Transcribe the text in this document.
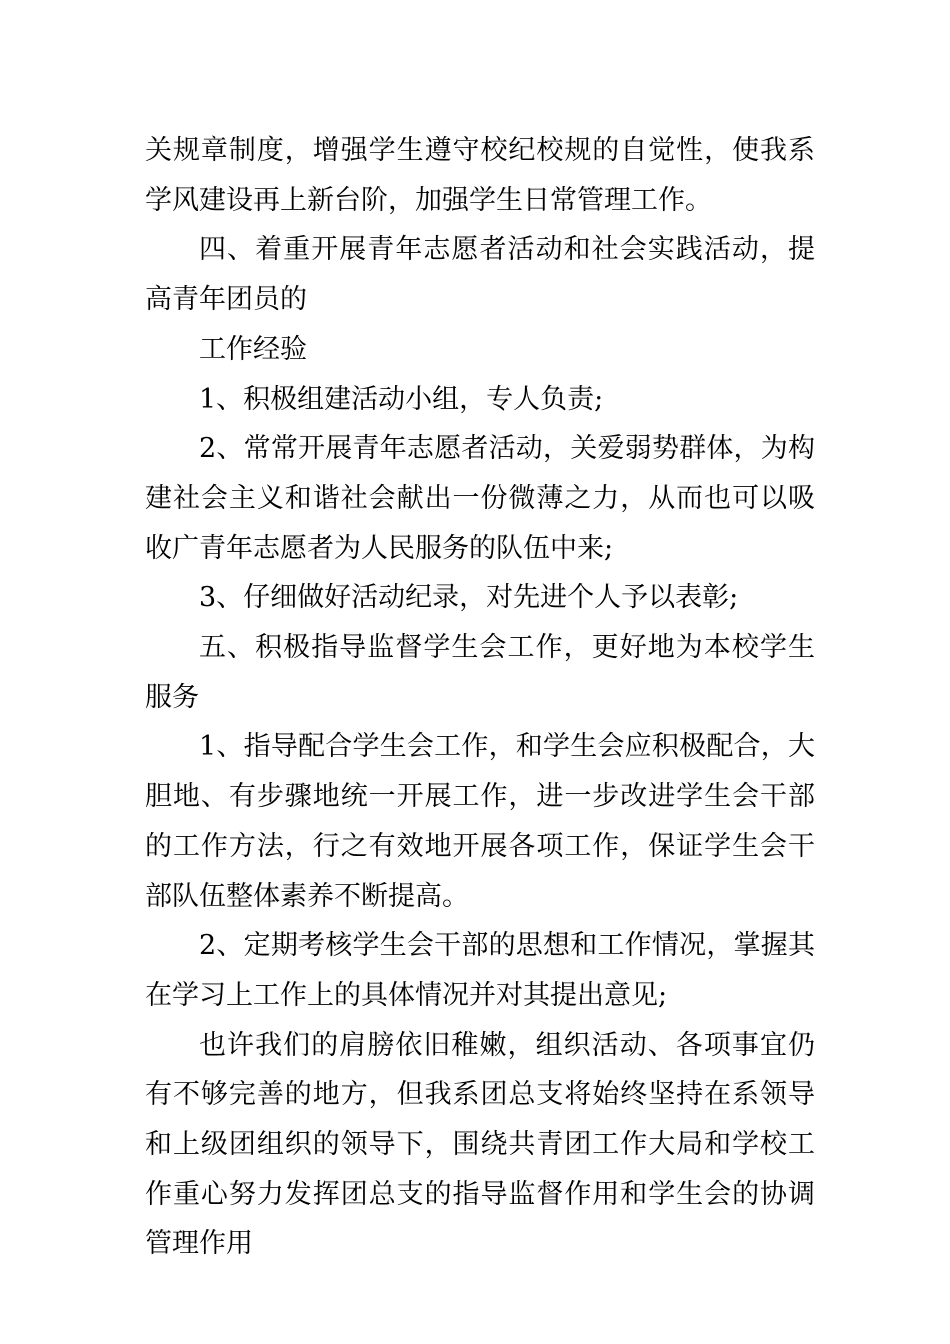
关规章制度，增强学生遵守校纪校规的自觉性，使我系学风建设再上新台阶，加强学生日常管理工作。

四、着重开展青年志愿者活动和社会实践活动，提高青年团员的

工作经验

1、积极组建活动小组，专人负责;

2、常常开展青年志愿者活动，关爱弱势群体，为构建社会主义和谐社会献出一份微薄之力，从而也可以吸收广青年志愿者为人民服务的队伍中来;

3、仔细做好活动纪录，对先进个人予以表彰;

五、积极指导监督学生会工作，更好地为本校学生服务

1、指导配合学生会工作，和学生会应积极配合，大胆地、有步骤地统一开展工作，进一步改进学生会干部的工作方法，行之有效地开展各项工作，保证学生会干部队伍整体素养不断提高。

2、定期考核学生会干部的思想和工作情况，掌握其在学习上工作上的具体情况并对其提出意见;

也许我们的肩膀依旧稚嫩，组织活动、各项事宜仍有不够完善的地方，但我系团总支将始终坚持在系领导和上级团组织的领导下，围绕共青团工作大局和学校工作重心努力发挥团总支的指导监督作用和学生会的协调管理作用
